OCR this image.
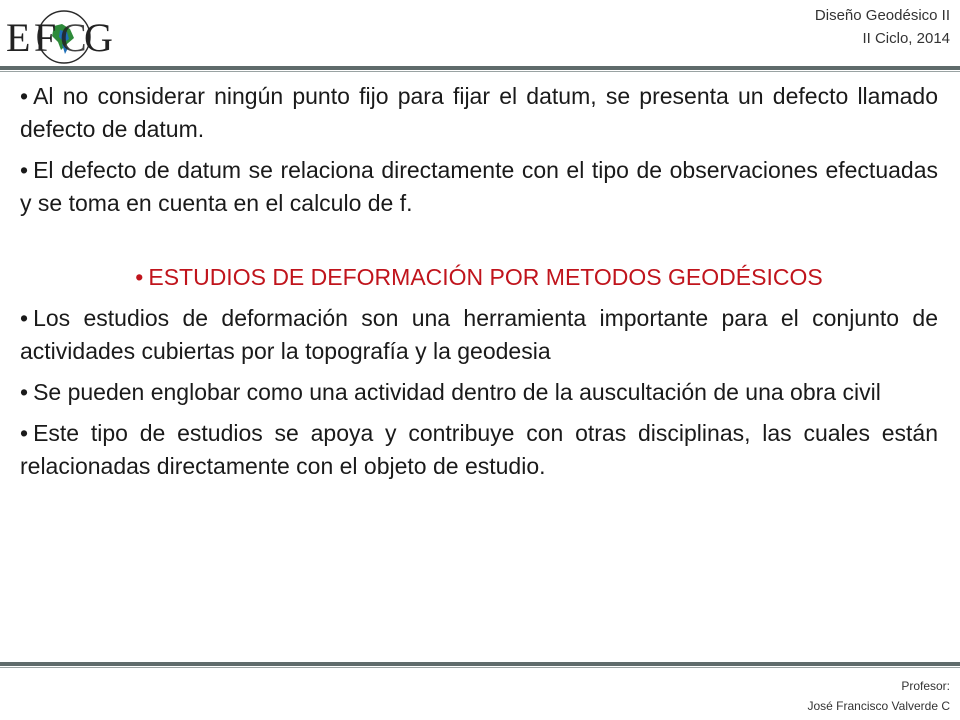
E F C
G	Diseño Geodésico II
II Ciclo, 2014

• Al no considerar ningún punto fijo para fijar el datum, se presenta un defecto llamado defecto de datum.

• El defecto de datum se relaciona directamente con el tipo de observaciones efectuadas y se toma en cuenta en el calculo de f.

• ESTUDIOS DE DEFORMACIÓN POR METODOS GEODÉSICOS

• Los estudios de deformación son una herramienta importante para el conjunto de actividades cubiertas por la topografía y la geodesia

• Se pueden englobar como una actividad dentro de la auscultación de una obra civil

• Este tipo de estudios se apoya y contribuye con otras disciplinas, las cuales están relacionadas directamente con el objeto de estudio.

Profesor:
José Francisco Valverde C
